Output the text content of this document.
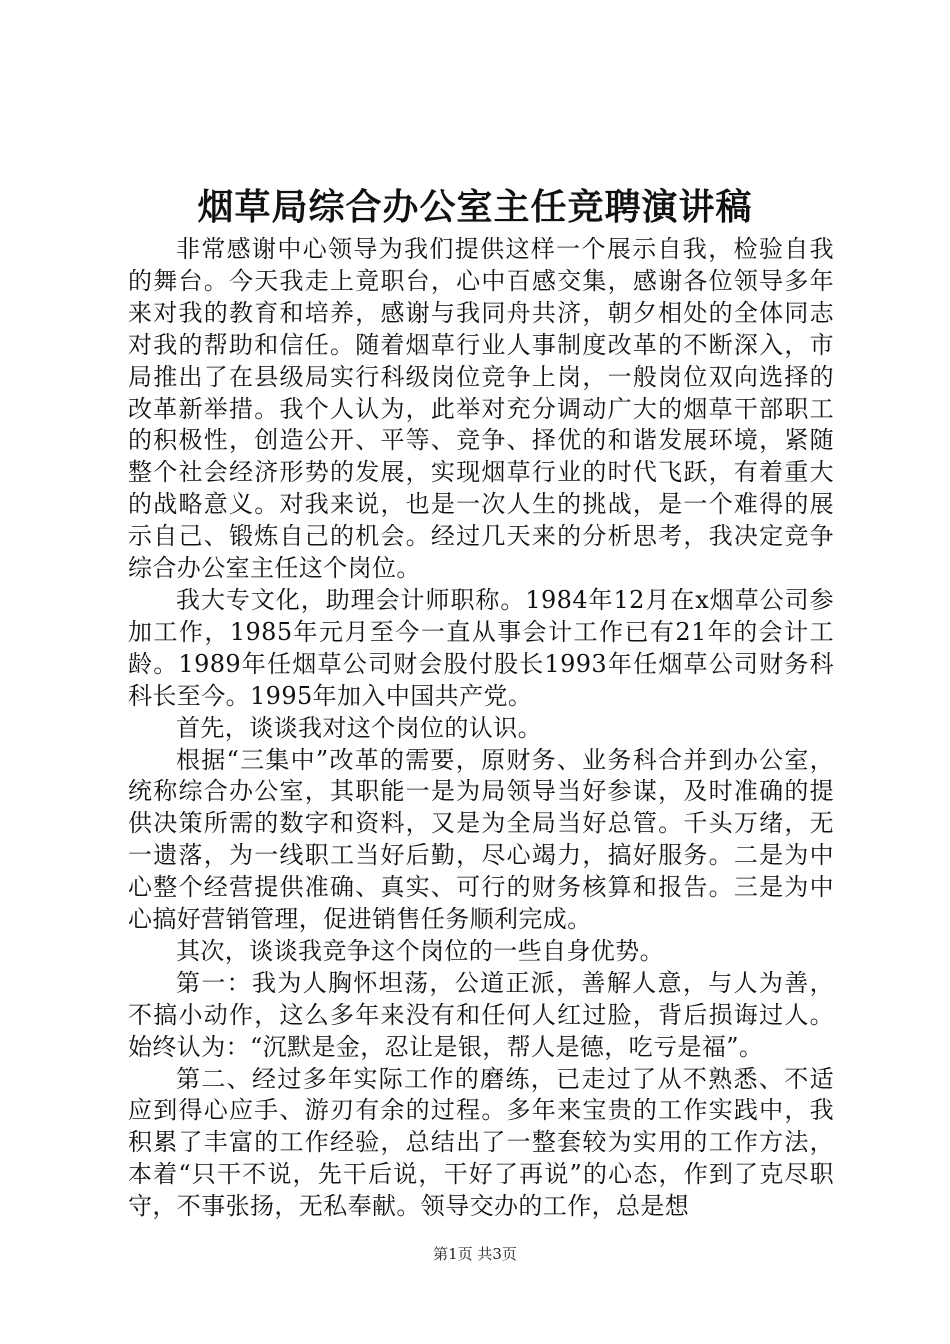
烟草局综合办公室主任竞聘演讲稿

非常感谢中心领导为我们提供这样一个展示自我，检验自我的舞台。今天我走上竟职台，心中百感交集，感谢各位领导多年来对我的教育和培养，感谢与我同舟共济，朝夕相处的全体同志对我的帮助和信任。随着烟草行业人事制度改革的不断深入，市局推出了在县级局实行科级岗位竞争上岗，一般岗位双向选择的改革新举措。我个人认为，此举对充分调动广大的烟草干部职工的积极性，创造公开、平等、竞争、择优的和谐发展环境，紧随整个社会经济形势的发展，实现烟草行业的时代飞跃，有着重大的战略意义。对我来说，也是一次人生的挑战，是一个难得的展示自己、锻炼自己的机会。经过几天来的分析思考，我决定竞争综合办公室主任这个岗位。

我大专文化，助理会计师职称。1984年12月在x烟草公司参加工作，1985年元月至今一直从事会计工作已有21年的会计工龄。1989年任烟草公司财会股付股长1993年任烟草公司财务科科长至今。1995年加入中国共产党。

首先，谈谈我对这个岗位的认识。

根据“三集中”改革的需要，原财务、业务科合并到办公室，统称综合办公室，其职能一是为局领导当好参谋，及时准确的提供决策所需的数字和资料，又是为全局当好总管。千头万绪，无一遗落，为一线职工当好后勤，尽心竭力，搞好服务。二是为中心整个经营提供准确、真实、可行的财务核算和报告。三是为中心搞好营销管理，促进销售任务顺利完成。

其次，谈谈我竞争这个岗位的一些自身优势。

第一：我为人胸怀坦荡，公道正派，善解人意，与人为善，不搞小动作，这么多年来没有和任何人红过脸，背后损诲过人。始终认为：“沉默是金，忍让是银，帮人是德，吃亏是福”。

第二、经过多年实际工作的磨练，已走过了从不熟悉、不适应到得心应手、游刃有余的过程。多年来宝贵的工作实践中，我积累了丰富的工作经验，总结出了一整套较为实用的工作方法，本着“只干不说，先干后说，干好了再说”的心态，作到了克尽职守，不事张扬，无私奉献。领导交办的工作，总是想

第1页 共3页
